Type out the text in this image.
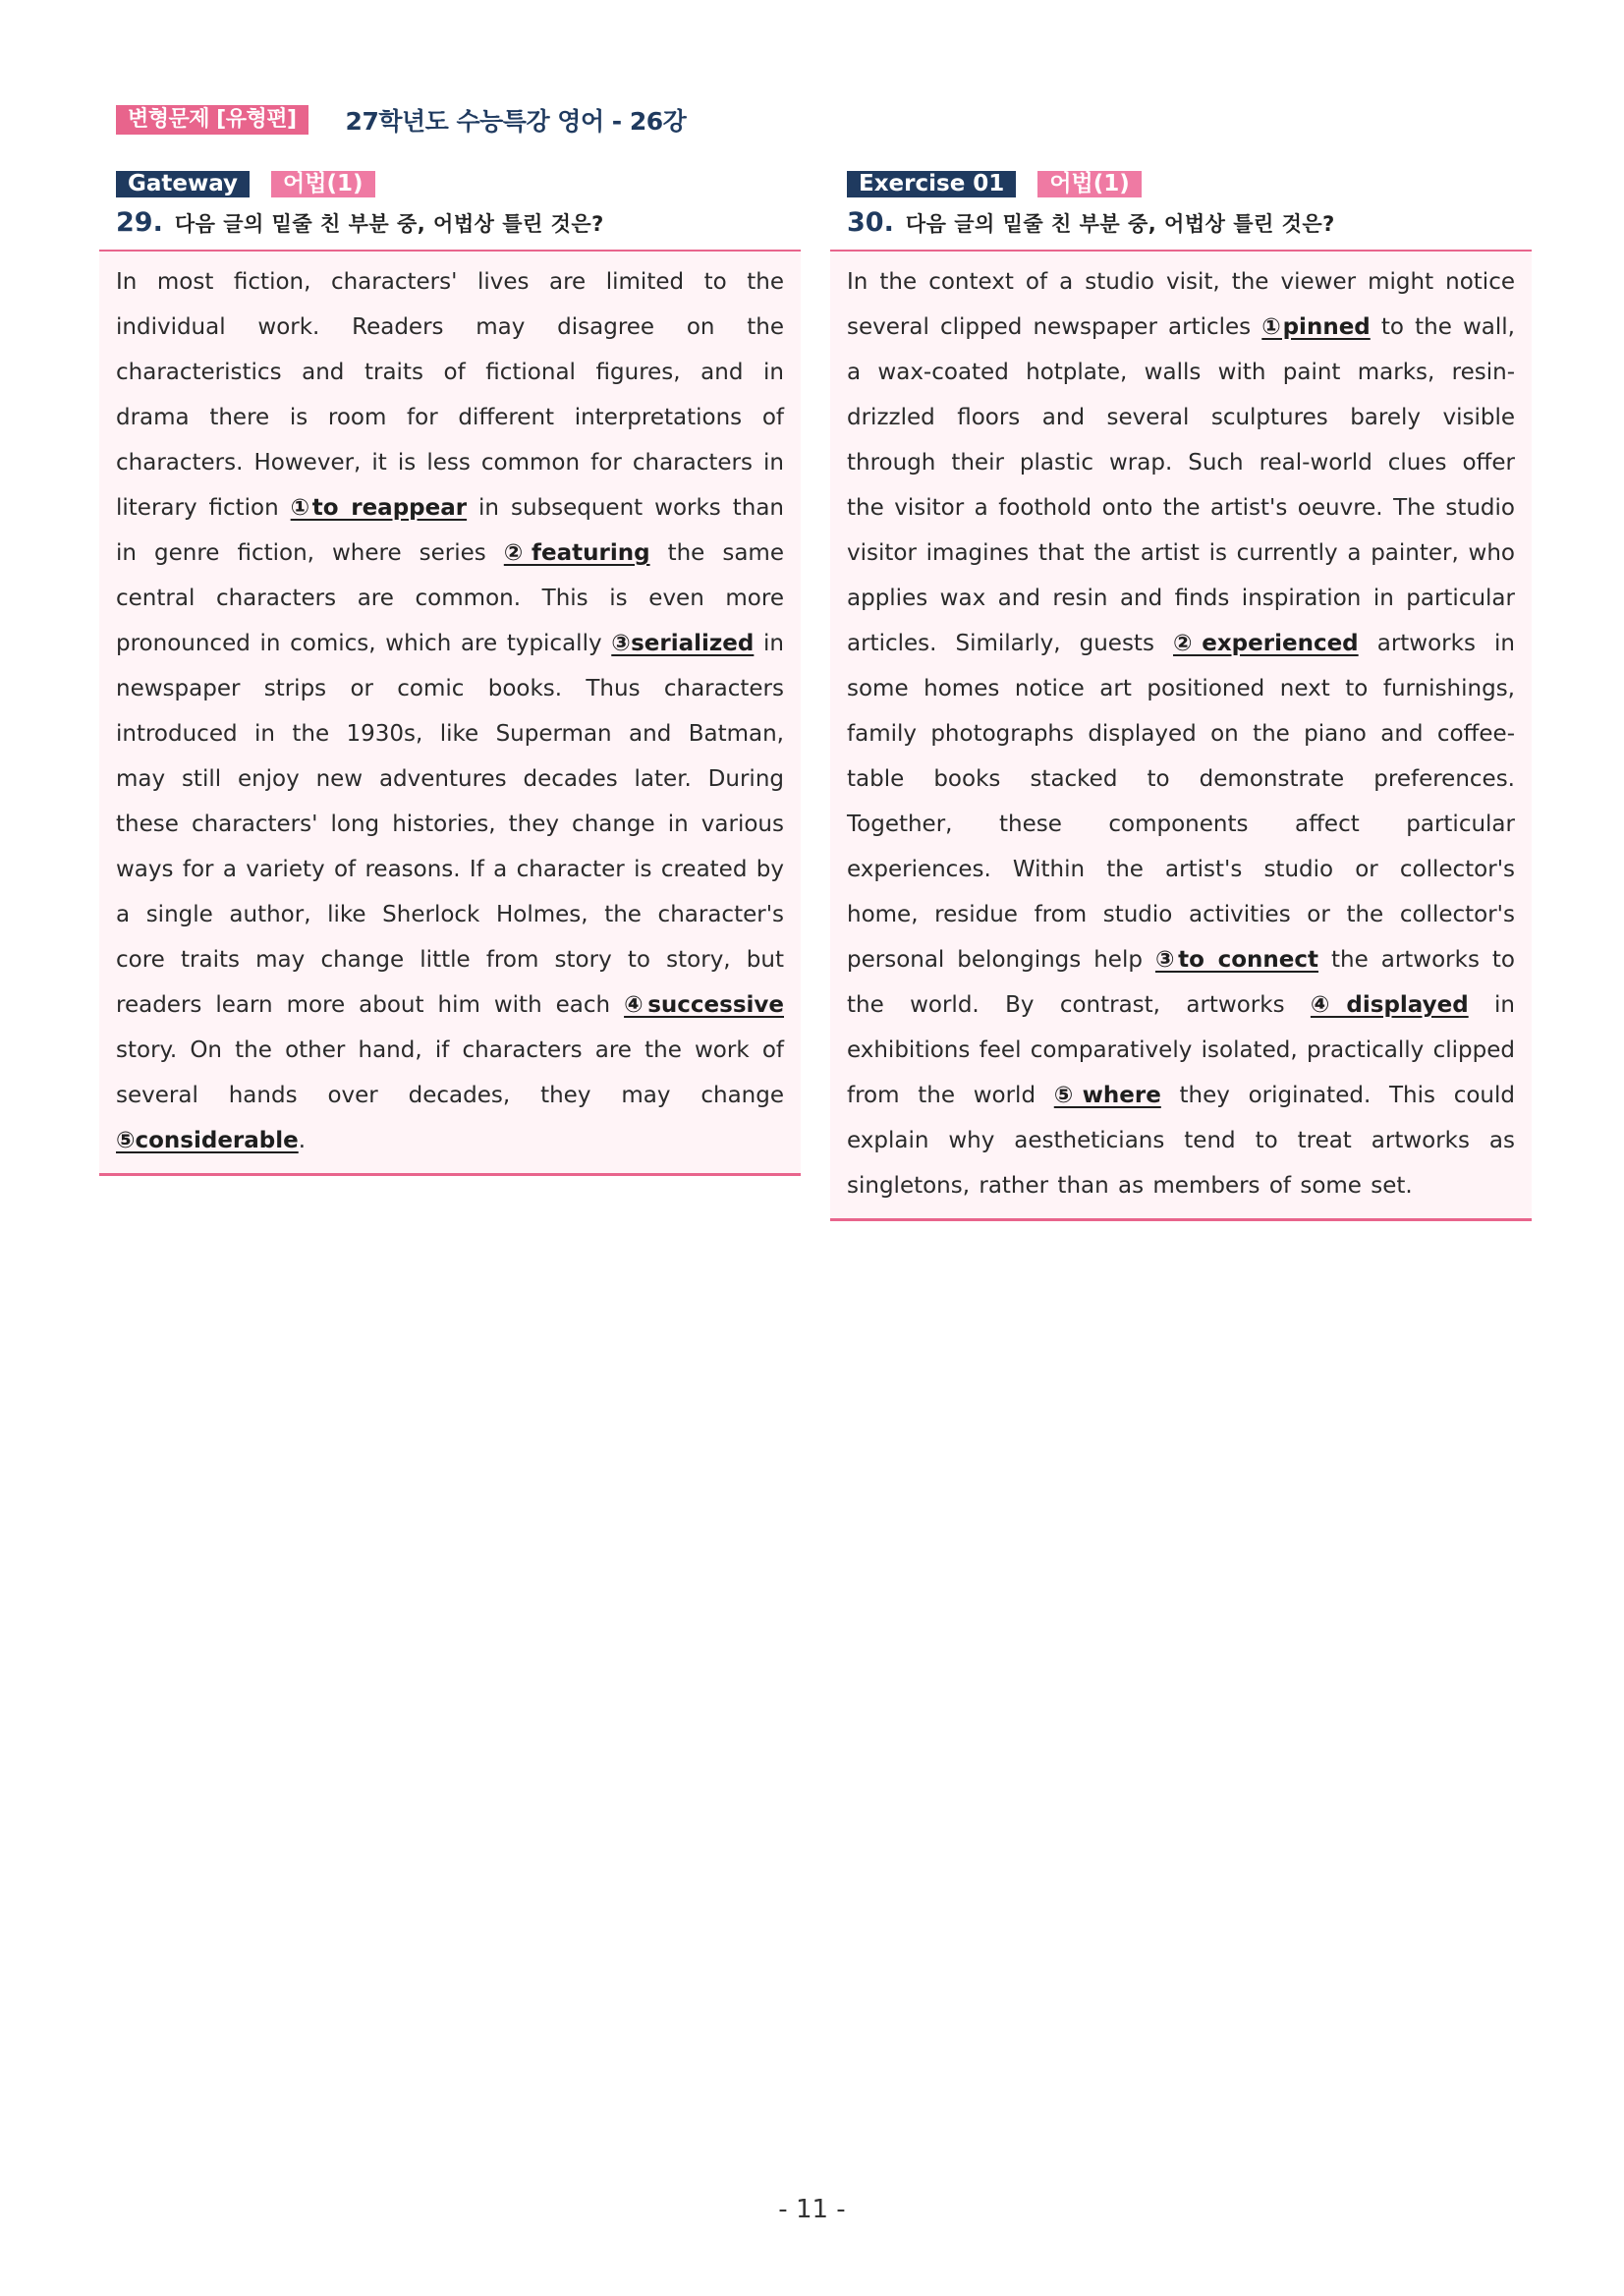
변형문제 [유형편]	27학년도 수능특강 영어 - 26강
Gateway	어법(1)
29. 다음 글의 밑줄 친 부분 중, 어법상 틀린 것은?

In most fiction, characters' lives are limited to the individual work. Readers may disagree on the characteristics and traits of fictional figures, and in drama there is room for different interpretations of characters. However, it is less common for characters in literary fiction ①to reappear in subsequent works than in genre fiction, where series ②featuring the same central characters are common. This is even more pronounced in comics, which are typically ③serialized in newspaper strips or comic books. Thus characters introduced in the 1930s, like Superman and Batman, may still enjoy new adventures decades later. During these characters' long histories, they change in various ways for a variety of reasons. If a character is created by a single author, like Sherlock Holmes, the character's core traits may change little from story to story, but readers learn more about him with each ④successive story. On the other hand, if characters are the work of several hands over decades, they may change ⑤considerable.

Exercise 01	어법(1)
30. 다음 글의 밑줄 친 부분 중, 어법상 틀린 것은?

In the context of a studio visit, the viewer might notice several clipped newspaper articles ①pinned to the wall, a wax-coated hotplate, walls with paint marks, resin-drizzled floors and several sculptures barely visible through their plastic wrap. Such real-world clues offer the visitor a foothold onto the artist's oeuvre. The studio visitor imagines that the artist is currently a painter, who applies wax and resin and finds inspiration in particular articles. Similarly, guests ②experienced artworks in some homes notice art positioned next to furnishings, family photographs displayed on the piano and coffee-table books stacked to demonstrate preferences. Together, these components affect particular experiences. Within the artist's studio or collector's home, residue from studio activities or the collector's personal belongings help ③to connect the artworks to the world. By contrast, artworks ④displayed in exhibitions feel comparatively isolated, practically clipped from the world ⑤where they originated. This could explain why aestheticians tend to treat artworks as singletons, rather than as members of some set.

- 11 -
